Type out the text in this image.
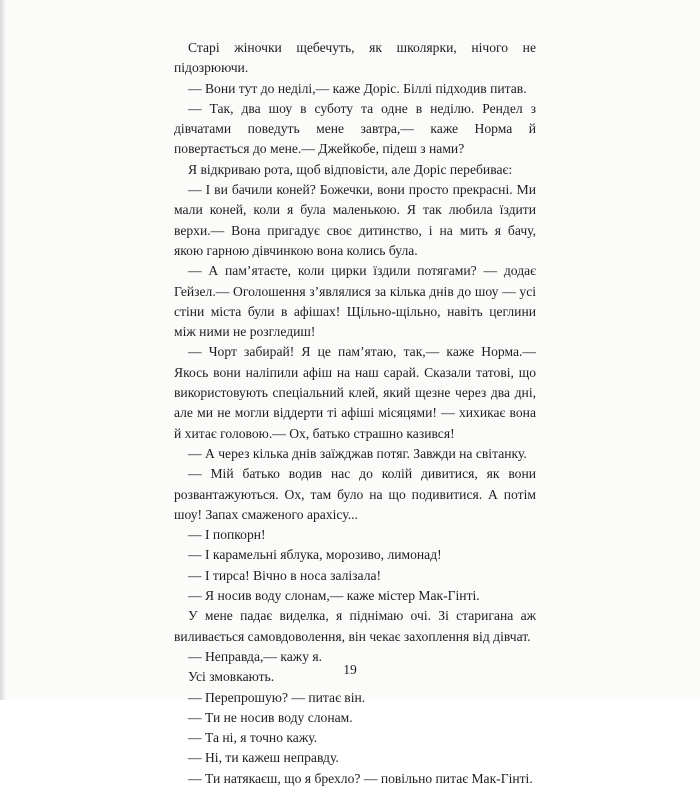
Старі жіночки щебечуть, як школярки, нічого не підозрюючи.

— Вони тут до неділі,— каже Доріс. Біллі підходив питав.

— Так, два шоу в суботу та одне в неділю. Рендел з дівчатами поведуть мене завтра,— каже Норма й повертається до мене.— Джейкобе, підеш з нами?

Я відкриваю рота, щоб відповісти, але Доріс перебиває:

— І ви бачили коней? Божечки, вони просто прекрасні. Ми мали коней, коли я була маленькою. Я так любила їздити верхи.— Вона пригадує своє дитинство, і на мить я бачу, якою гарною дівчинкою вона колись була.

— А пам’ятаєте, коли цирки їздили потягами? — додає Гейзел.— Оголошення з’являлися за кілька днів до шоу — усі стіни міста були в афішах! Щільно-щільно, навіть цеглини між ними не розгледиш!

— Чорт забирай! Я це пам’ятаю, так,— каже Норма.— Якось вони наліпили афіш на наш сарай. Сказали татові, що використовують спеціальний клей, який щезне через два дні, але ми не могли віддерти ті афіші місяцями! — хихикає вона й хитає головою.— Ох, батько страшно казився!

— А через кілька днів заїжджав потяг. Завжди на світанку.

— Мій батько водив нас до колій дивитися, як вони розвантажуються. Ох, там було на що подивитися. А потім шоу! Запах смаженого арахісу...

— І попкорн!

— І карамельні яблука, морозиво, лимонад!

— І тирса! Вічно в носа залізала!

— Я носив воду слонам,— каже містер Мак-Гінті.

У мене падає виделка, я піднімаю очі. Зі старигана аж виливається самовдоволення, він чекає захоплення від дівчат.

— Неправда,— кажу я.

Усі змовкають.

— Перепрошую? — питає він.

— Ти не носив воду слонам.

— Та ні, я точно кажу.

— Ні, ти кажеш неправду.

— Ти натякаєш, що я брехло? — повільно питає Мак-Гінті.

19
